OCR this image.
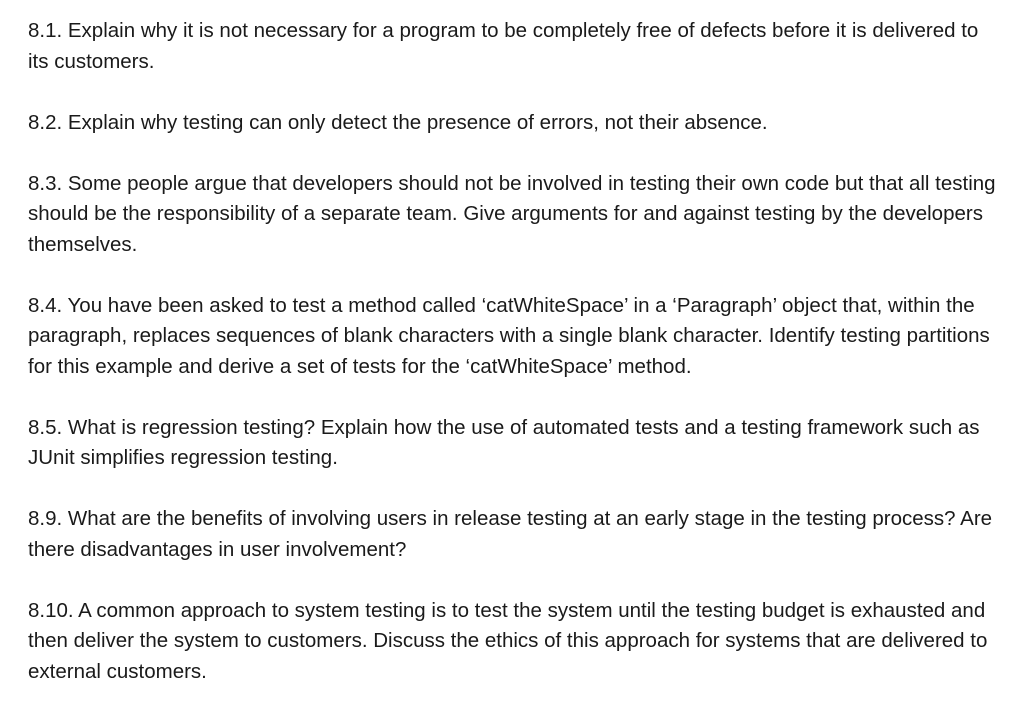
8.1. Explain why it is not necessary for a program to be completely free of defects before it is delivered to its customers.

8.2. Explain why testing can only detect the presence of errors, not their absence.

8.3. Some people argue that developers should not be involved in testing their own code but that all testing should be the responsibility of a separate team. Give arguments for and against testing by the developers themselves.

8.4. You have been asked to test a method called ‘catWhiteSpace’ in a ‘Paragraph’ object that, within the paragraph, replaces sequences of blank characters with a single blank character. Identify testing partitions for this example and derive a set of tests for the ‘catWhiteSpace’ method.

8.5. What is regression testing? Explain how the use of automated tests and a testing framework such as JUnit simplifies regression testing.

8.9. What are the benefits of involving users in release testing at an early stage in the testing process? Are there disadvantages in user involvement?

8.10. A common approach to system testing is to test the system until the testing budget is exhausted and then deliver the system to customers. Discuss the ethics of this approach for systems that are delivered to external customers.
